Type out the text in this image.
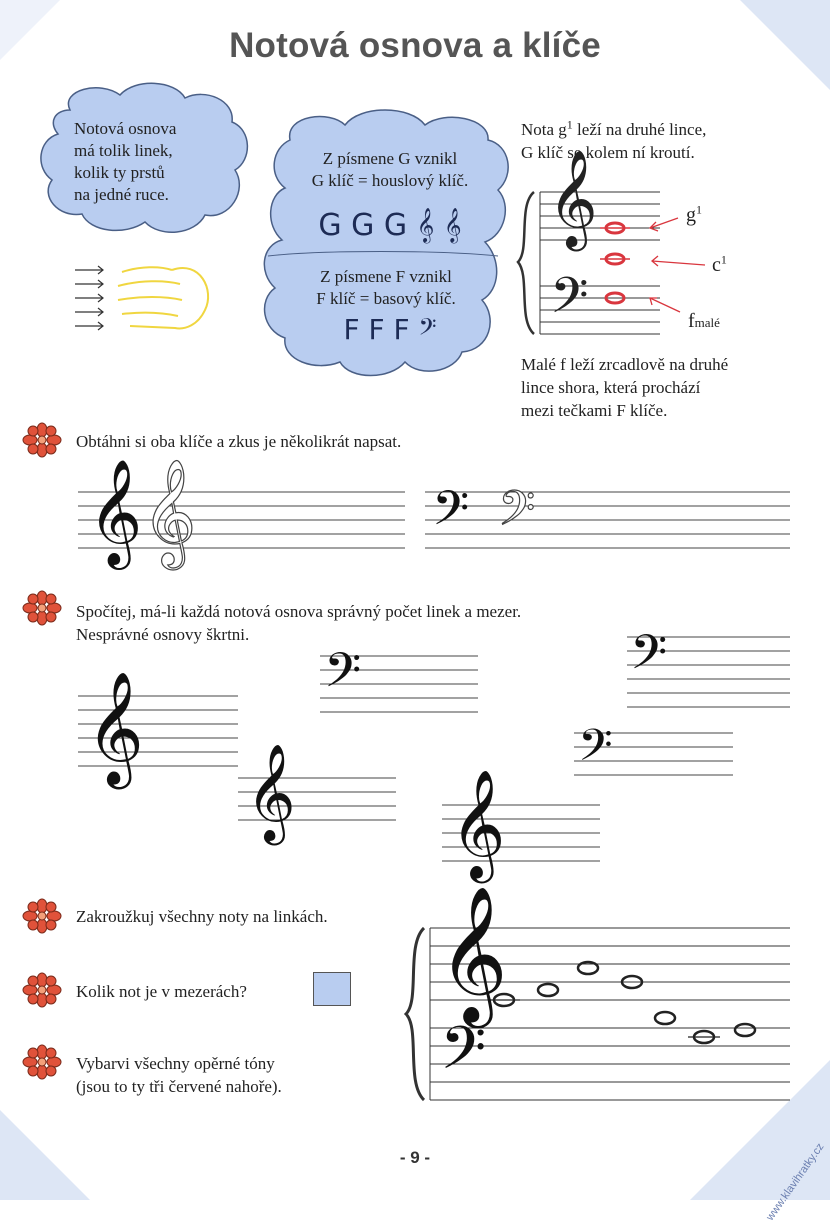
Notová osnova a klíče
𝄞
𝄢
𝄞 𝄞	𝄢 𝄢
𝄞	𝄢	𝄢
𝄞	𝄢
𝄞
𝄞
𝄢
Notová osnova
má tolik linek,
kolik ty prstů
na jedné ruce.
Z písmene G vznikl
G klíč = houslový klíč.
G G G 𝄞 𝄞
Z písmene F vznikl
F klíč = basový klíč.
F F F 𝄢
Nota $g^1$ leží na druhé lince,
G klíč se kolem ní kroutí.
$g^1$
$c^1$
fmalé
Malé f leží zrcadlově na druhé
lince shora, která prochází
mezi tečkami F klíče.
Obtáhni si oba klíče a zkus je několikrát napsat.
Spočítej, má-li každá notová osnova správný počet linek a mezer.
Nesprávné osnovy škrtni.
Zakroužkuj všechny noty na linkách.
Kolik not je v mezerách?
Vybarvi všechny opěrné tóny
(jsou to ty tři červené nahoře).
- 9 -	www.klavihratky.cz
